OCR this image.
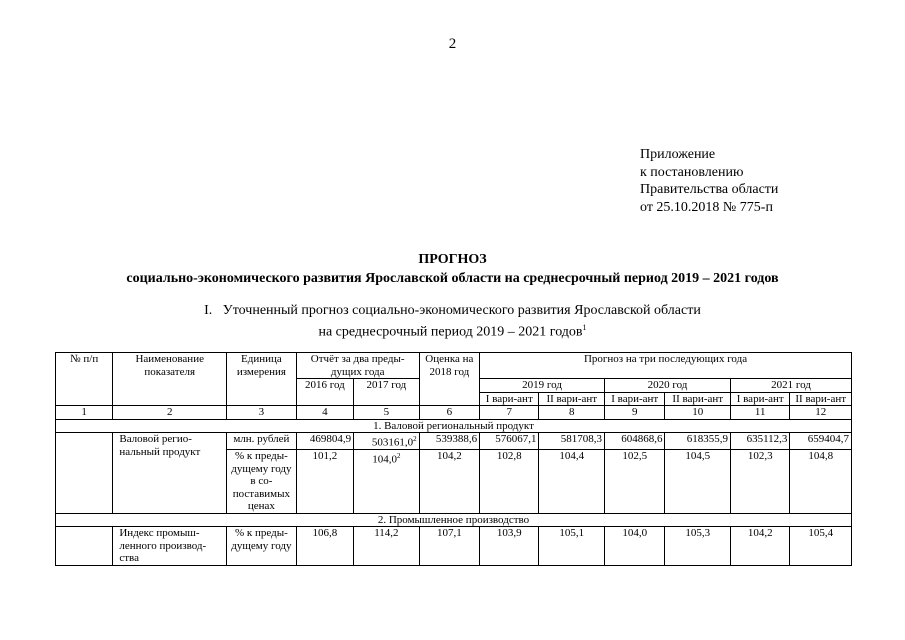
2
Приложение
к постановлению
Правительства области
от 25.10.2018 № 775-п
ПРОГНОЗ
социально-экономического развития Ярославской области на среднесрочный период 2019 – 2021 годов
I.   Уточненный прогноз социально-экономического развития Ярославской области
на среднесрочный период 2019 – 2021 годов$^1$
№ п/п	Наименование показателя	Единица измерения	Отчёт за два преды-дущих года		Оценка на 2018 год	Прогноз на три последующих года					
			2016 год	2017 год		2019 год		2020 год		2021 год	
						I вари-ант	II вари-ант	I вари-ант	II вари-ант	I вари-ант	II вари-ант
1	2	3	4	5	6	7	8	9	10	11	12
1. Валовой региональный продукт											
	Валовой регио-нальный продукт	млн. рублей	469804,9	503161,0$^2$	539388,6	576067,1	581708,3	604868,6	618355,9	635112,3	659404,7
		% к преды-дущему году в со-поставимых ценах	101,2	104,0$^2$	104,2	102,8	104,4	102,5	104,5	102,3	104,8
2. Промышленное производство											
	Индекс промыш-ленного производ-ства	% к преды-дущему году	106,8	114,2	107,1	103,9	105,1	104,0	105,3	104,2	105,4
